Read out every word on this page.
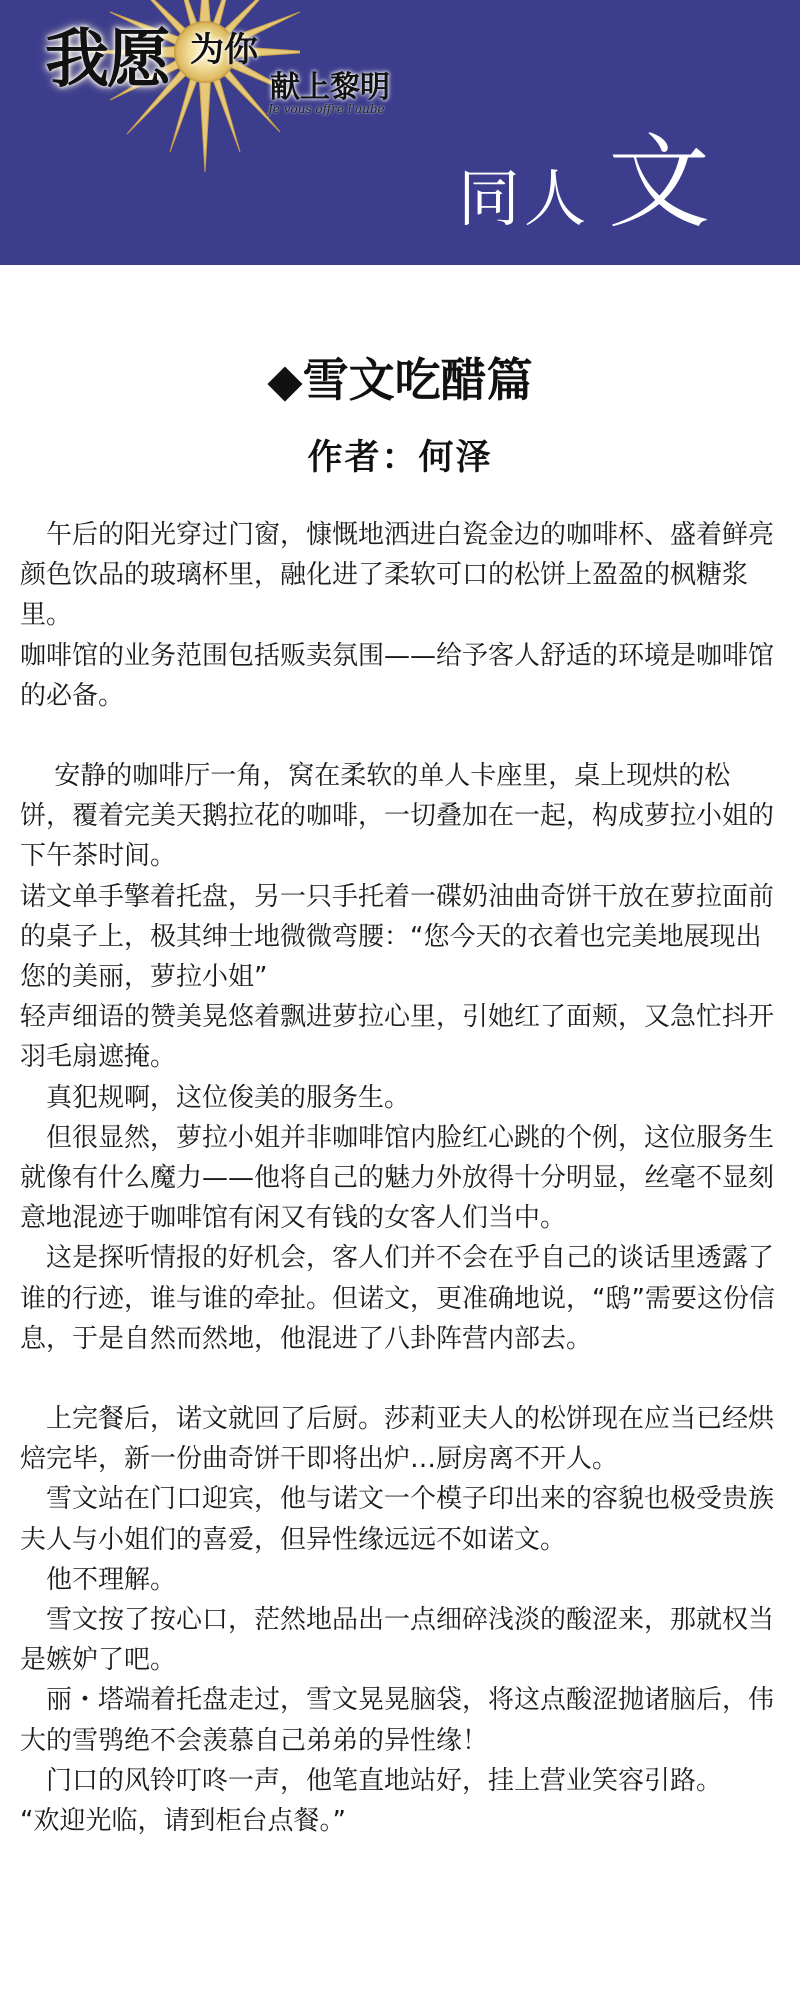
我愿 为你
献上黎明
Je vous offre l'aube
同人 文
◆雪文吃醋篇
作者：何泽

　午后的阳光穿过门窗，慷慨地洒进白瓷金边的咖啡杯、盛着鲜亮颜色饮品的玻璃杯里，融化进了柔软可口的松饼上盈盈的枫糖浆里。

咖啡馆的业务范围包括贩卖氛围——给予客人舒适的环境是咖啡馆的必备。

　 安静的咖啡厅一角，窝在柔软的单人卡座里，桌上现烘的松饼，覆着完美天鹅拉花的咖啡，一切叠加在一起，构成萝拉小姐的下午茶时间。

诺文单手擎着托盘，另一只手托着一碟奶油曲奇饼干放在萝拉面前的桌子上，极其绅士地微微弯腰：“您今天的衣着也完美地展现出您的美丽，萝拉小姐”

轻声细语的赞美晃悠着飘进萝拉心里，引她红了面颊，又急忙抖开羽毛扇遮掩。

　真犯规啊，这位俊美的服务生。

　但很显然，萝拉小姐并非咖啡馆内脸红心跳的个例，这位服务生就像有什么魔力——他将自己的魅力外放得十分明显，丝毫不显刻意地混迹于咖啡馆有闲又有钱的女客人们当中。

　这是探听情报的好机会，客人们并不会在乎自己的谈话里透露了谁的行迹，谁与谁的牵扯。但诺文，更准确地说，“鸱”需要这份信息，于是自然而然地，他混进了八卦阵营内部去。

　上完餐后，诺文就回了后厨。莎莉亚夫人的松饼现在应当已经烘焙完毕，新一份曲奇饼干即将出炉…厨房离不开人。

　雪文站在门口迎宾，他与诺文一个模子印出来的容貌也极受贵族夫人与小姐们的喜爱，但异性缘远远不如诺文。

　他不理解。

　雪文按了按心口，茫然地品出一点细碎浅淡的酸涩来，那就权当是嫉妒了吧。

　丽・塔端着托盘走过，雪文晃晃脑袋，将这点酸涩抛诸脑后，伟大的雪鸮绝不会羡慕自己弟弟的异性缘！

　门口的风铃叮咚一声，他笔直地站好，挂上营业笑容引路。

“欢迎光临，请到柜台点餐。”
